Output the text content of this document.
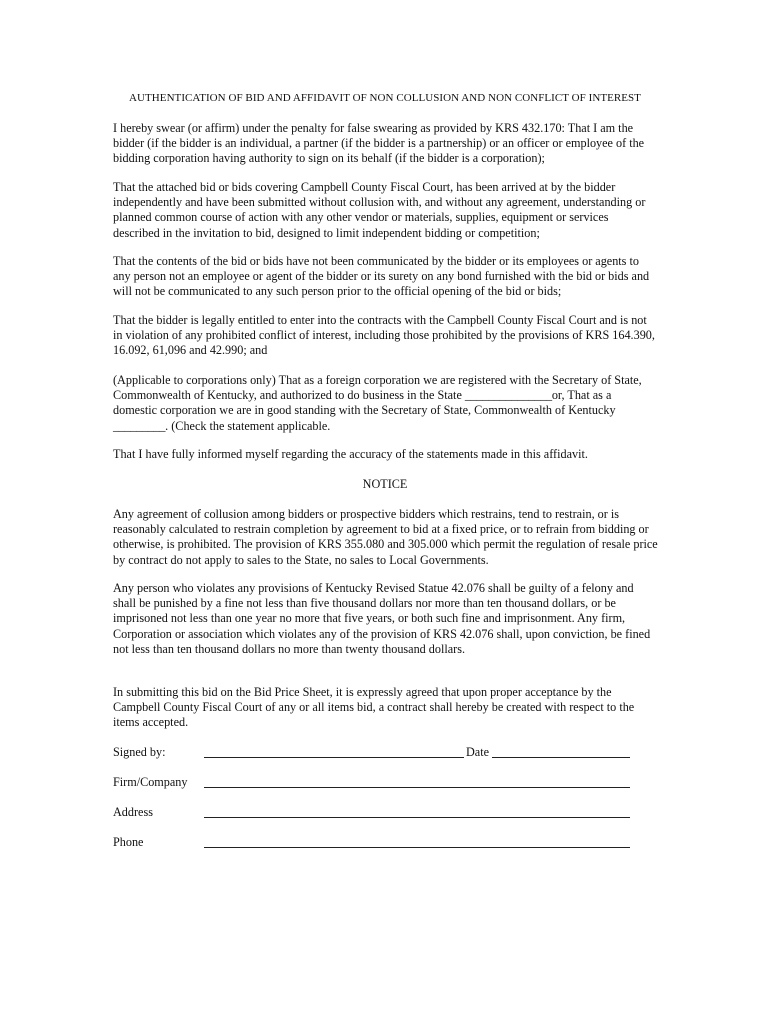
AUTHENTICATION OF BID AND AFFIDAVIT OF NON COLLUSION AND NON CONFLICT OF INTEREST

I hereby swear (or affirm) under the penalty for false swearing as provided by KRS 432.170: That I am the bidder (if the bidder is an individual, a partner (if the bidder is a partnership) or an officer or employee of the bidding corporation having authority to sign on its behalf (if the bidder is a corporation);

That the attached bid or bids covering Campbell County Fiscal Court, has been arrived at by the bidder independently and have been submitted without collusion with, and without any agreement, understanding or planned common course of action with any other vendor or materials, supplies, equipment or services described in the invitation to bid, designed to limit independent bidding or competition;

That the contents of the bid or bids have not been communicated by the bidder or its employees or agents to any person not an employee or agent of the bidder or its surety on any bond furnished with the bid or bids and will not be communicated to any such person prior to the official opening of the bid or bids;

That the bidder is legally entitled to enter into the contracts with the Campbell County Fiscal Court and is not in violation of any prohibited conflict of interest, including those prohibited by the provisions of KRS 164.390, 16.092, 61,096 and 42.990; and

(Applicable to corporations only) That as a foreign corporation we are registered with the Secretary of State, Commonwealth of Kentucky, and authorized to do business in the State _______________or, That as a domestic corporation we are in good standing with the Secretary of State, Commonwealth of Kentucky _________. (Check the statement applicable.

That I have fully informed myself regarding the accuracy of the statements made in this affidavit.

NOTICE

Any agreement of collusion among bidders or prospective bidders which restrains, tend to restrain, or is reasonably calculated to restrain completion by agreement to bid at a fixed price, or to refrain from bidding or otherwise, is prohibited. The provision of KRS 355.080 and 305.000 which permit the regulation of resale price by contract do not apply to sales to the State, no sales to Local Governments.

Any person who violates any provisions of Kentucky Revised Statue 42.076 shall be guilty of a felony and shall be punished by a fine not less than five thousand dollars nor more than ten thousand dollars, or be imprisoned not less than one year no more that five years, or both such fine and imprisonment. Any firm, Corporation or association which violates any of the provision of KRS 42.076 shall, upon conviction, be fined not less than ten thousand dollars no more than twenty thousand dollars.

In submitting this bid on the Bid Price Sheet, it is expressly agreed that upon proper acceptance by the Campbell County Fiscal Court of any or all items bid, a contract shall hereby be created with respect to the items accepted.

Signed by:	Date
Firm/Company
Address
Phone
